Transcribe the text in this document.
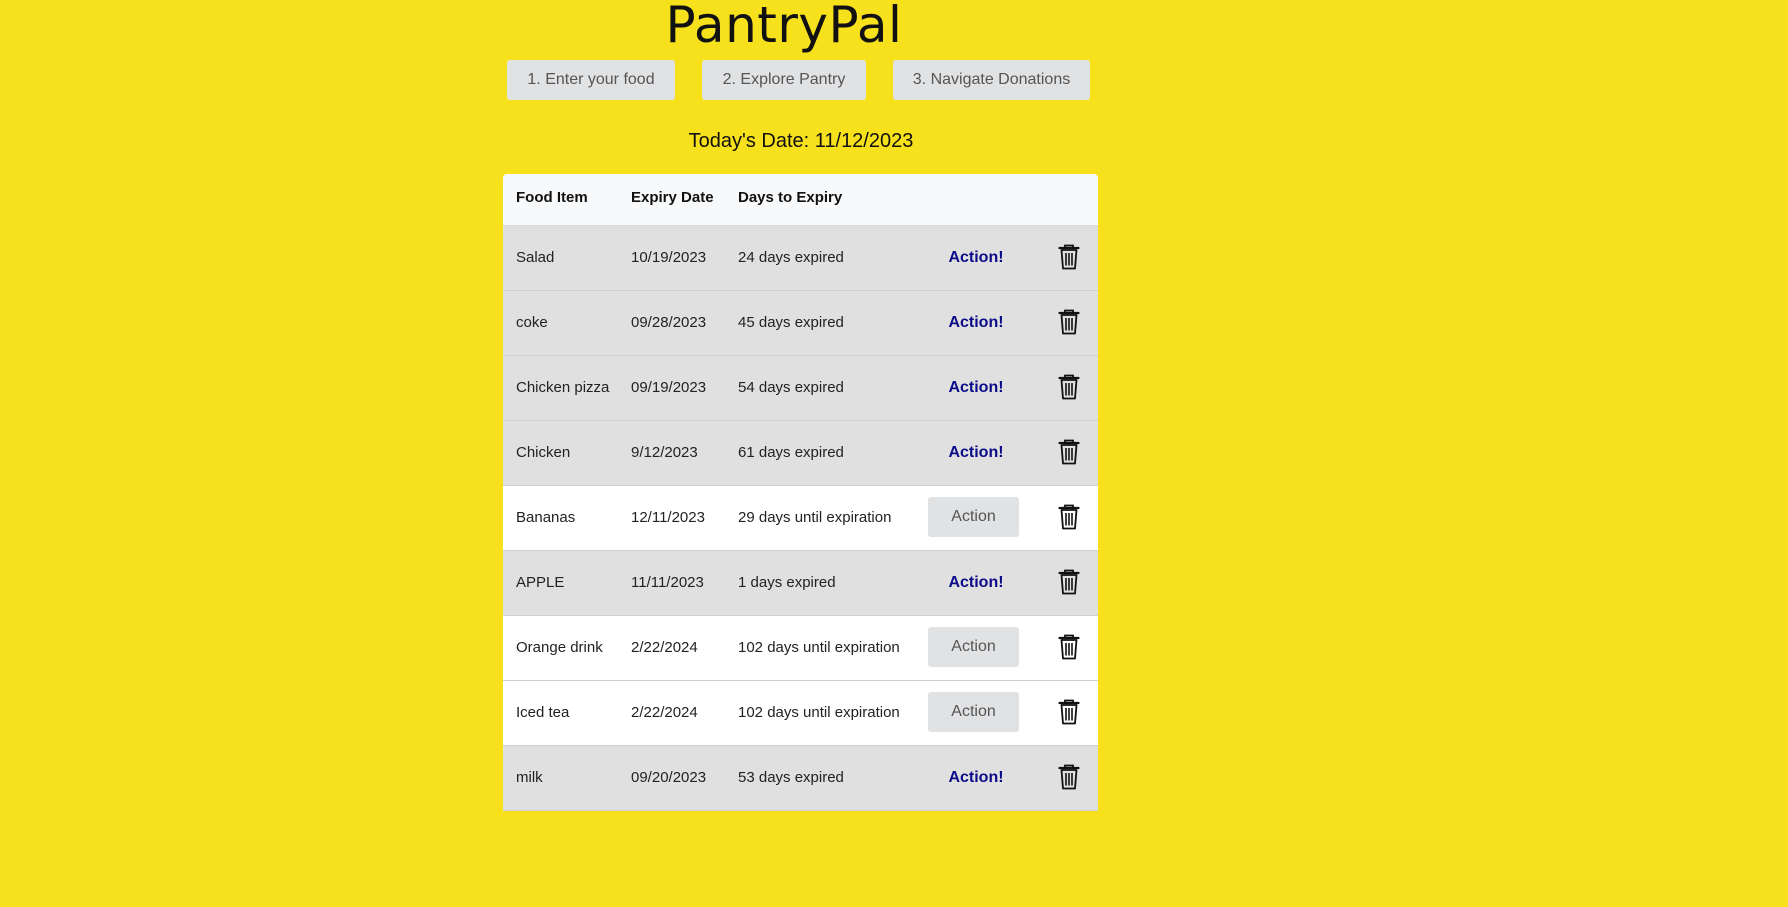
PantryPal
1. Enter your food	2. Explore Pantry	3. Navigate Donations
Today's Date: 11/12/2023
Food Item	Expiry Date Days to Expiry
Salad	10/19/2023 24 days expired	Action!
coke	09/28/2023 45 days expired	Action!
Chicken pizza 09/19/2023 54 days expired	Action!
Chicken	9/12/2023	61 days expired	Action!
Bananas	12/11/2023 29 days until expiration	Action
APPLE	11/11/2023 1 days expired	Action!
Orange drink 2/22/2024	102 days until expiration	Action
Iced tea	2/22/2024	102 days until expiration	Action
milk	09/20/2023 53 days expired	Action!
